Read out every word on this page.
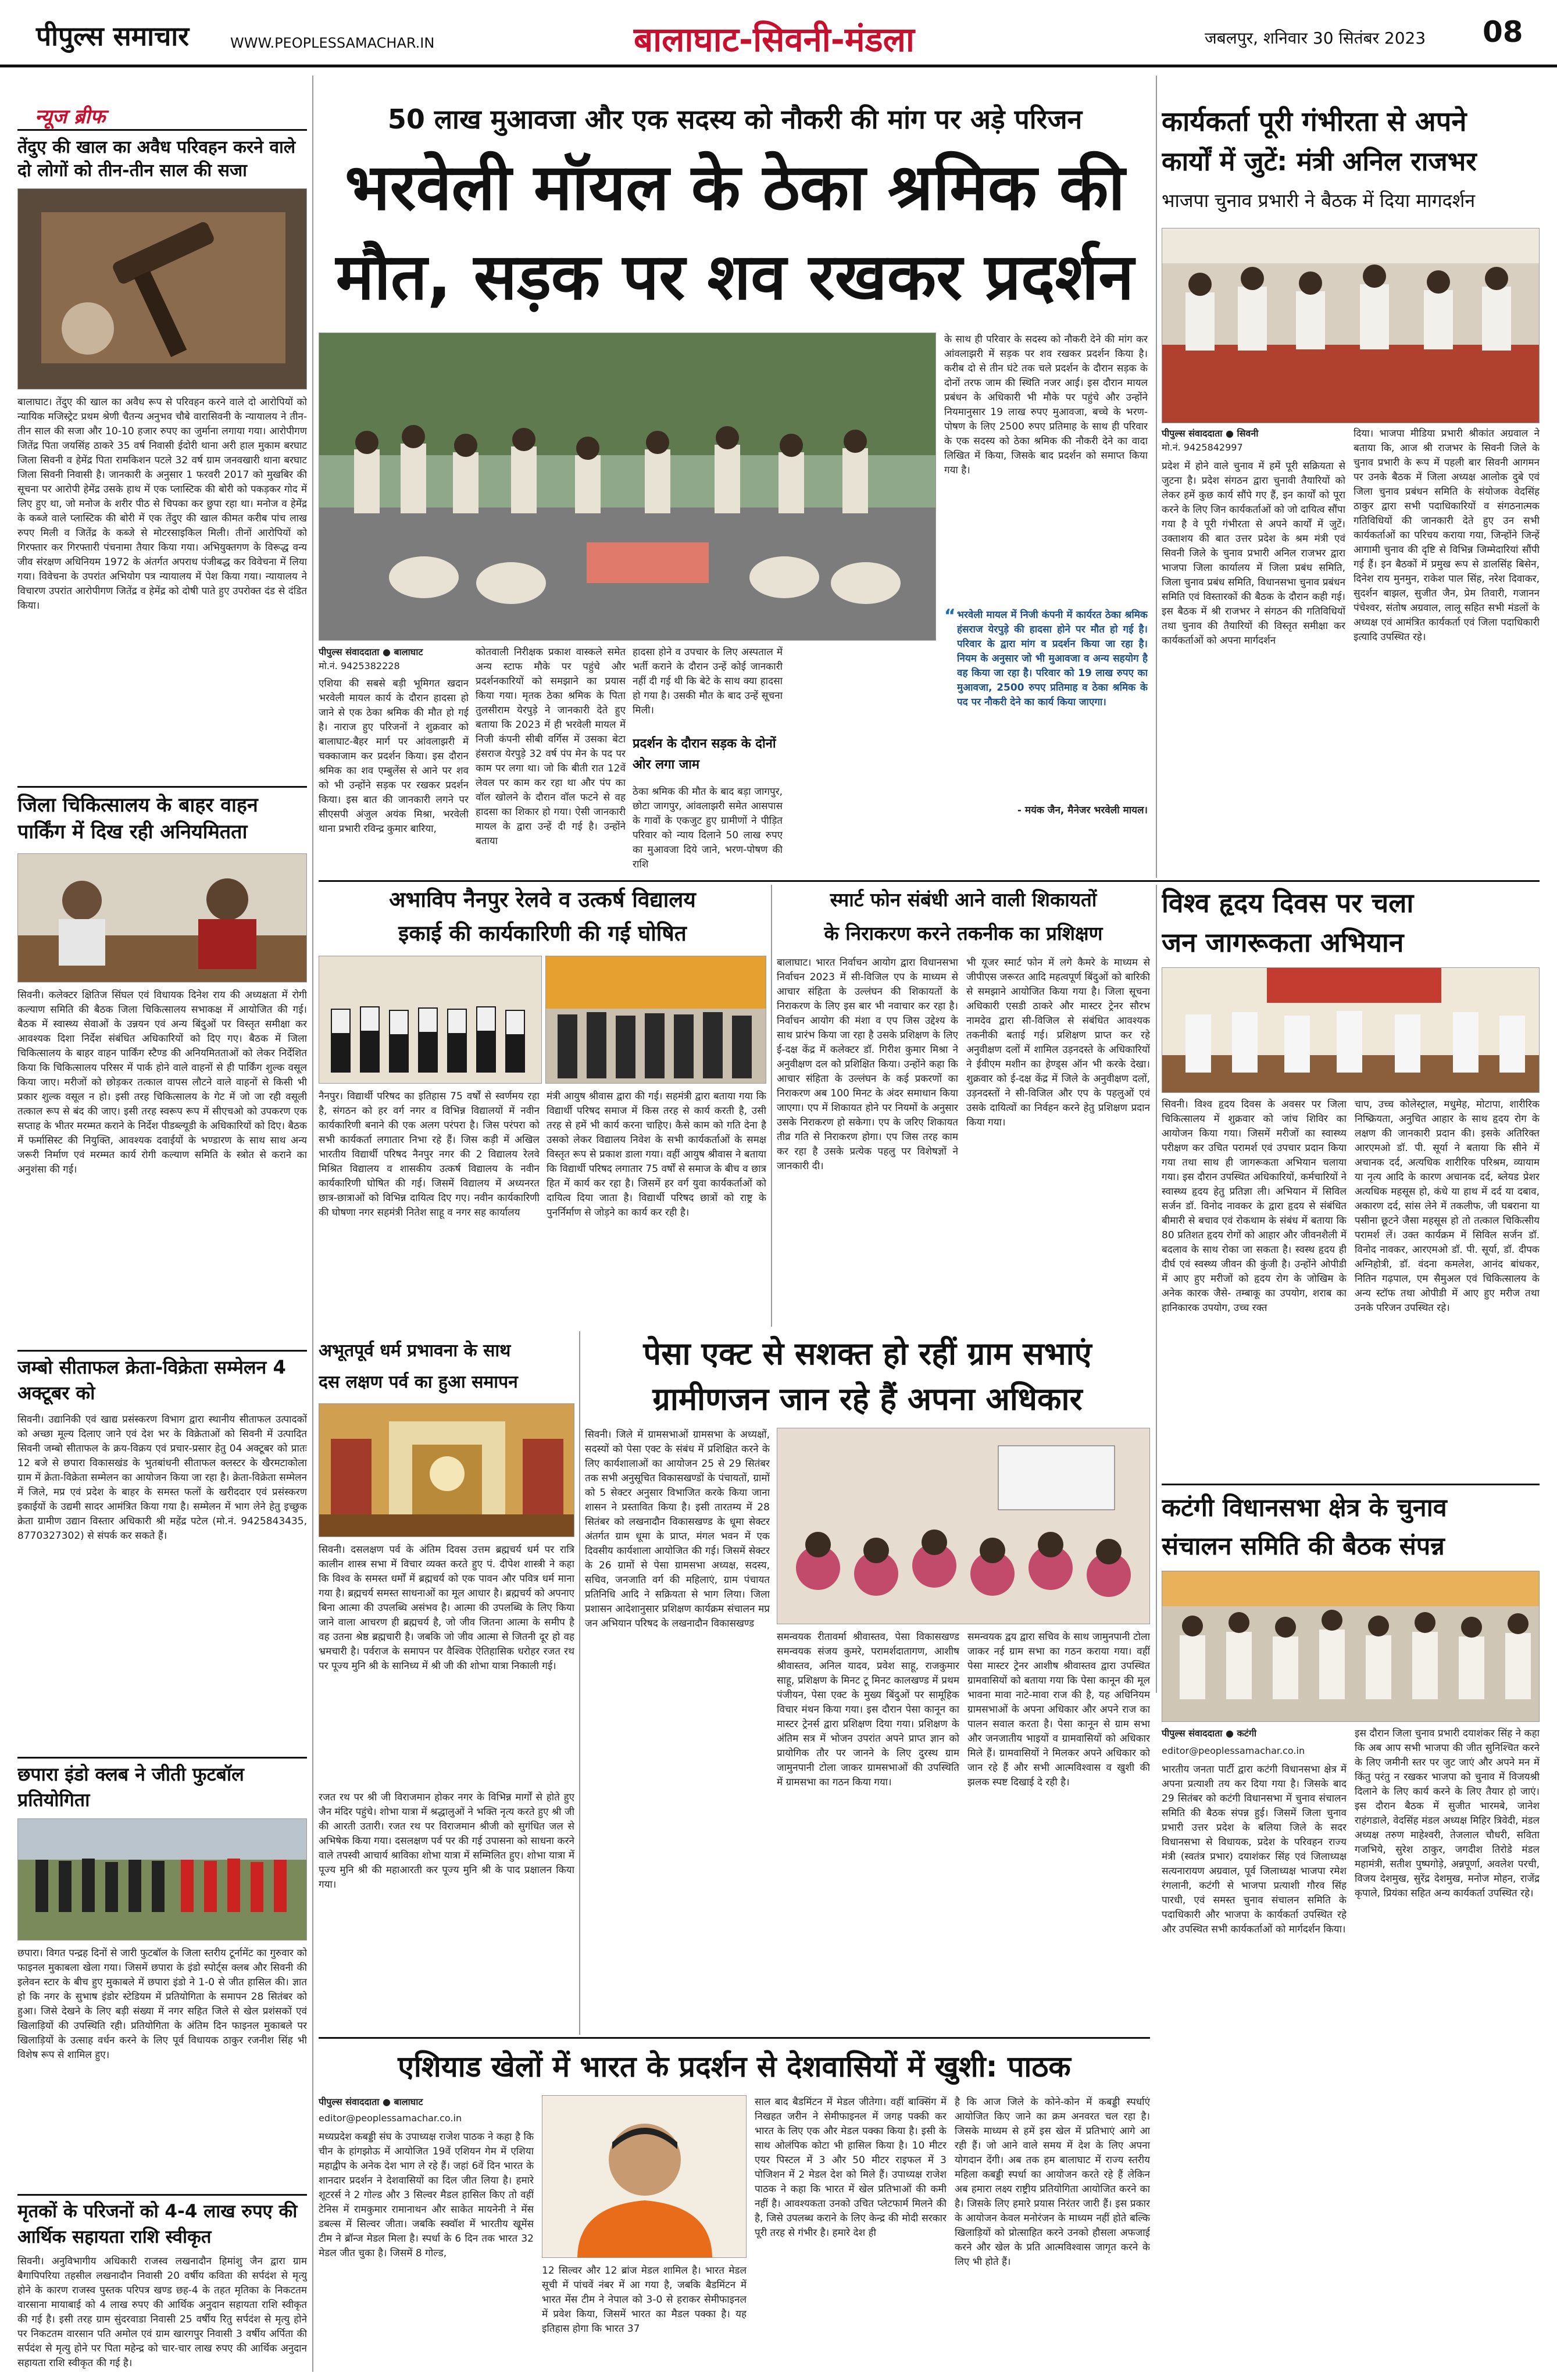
पीपुल्स समाचार	WWW.PEOPLESSAMACHAR.IN	बालाघाट-सिवनी-मंडला	जबलपुर, शनिवार 30 सितंबर 2023 08
न्यूज ब्रीफ
तेंदुए की खाल का अवैध परिवहन करने वाले दो लोगों को तीन-तीन साल की सजा
बालाघाट। तेंदुए की खाल का अवैध रूप से परिवहन करने वाले दो आरोपियों को न्यायिक मजिस्ट्रेट प्रथम श्रेणी चैतन्य अनुभव चौबे वारासिवनी के न्यायालय ने तीन-तीन साल की सजा और 10-10 हजार रुपए का जुर्माना लगाया गया। आरोपीगण जितेंद्र पिता जयसिंह ठाकरे 35 वर्ष निवासी ईदोरी थाना अरी हाल मुकाम बरघाट जिला सिवनी व हेमेंद्र पिता रामकिशन पटले 32 वर्ष ग्राम जनवखारी थाना बरघाट जिला सिवनी निवासी है। जानकारी के अनुसार 1 फरवरी 2017 को मुखबिर की सूचना पर आरोपी हेमेंद्र उसके हाथ में एक प्लास्टिक की बोरी को पकड़कर गोद में लिए हुए था, जो मनोज के शरीर पीठ से चिपका कर छुपा रहा था। मनोज व हेमेंद्र के कब्जे वाले प्लास्टिक की बोरी में एक तेंदुए की खाल कीमत करीब पांच लाख रुपए मिली व जितेंद्र के कब्जे से मोटरसाइकिल मिली। तीनों आरोपियों को गिरफ्तार कर गिरफ्तारी पंचनामा तैयार किया गया। अभियुक्तगण के विरूद्ध वन्य जीव संरक्षण अधिनियम 1972 के अंतर्गत अपराध पंजीबद्ध कर विवेचना में लिया गया। विवेचना के उपरांत अभियोग पत्र न्यायालय में पेश किया गया। न्यायालय ने विचारण उपरांत आरोपीगण जितेंद्र व हेमेंद्र को दोषी पाते हुए उपरोक्त दंड से दंडित किया।
जिला चिकित्सालय के बाहर वाहन पार्किंग में दिख रही अनियमितता
सिवनी। कलेक्टर क्षितिज सिंघल एवं विधायक दिनेश राय की अध्यक्षता में रोगी कल्याण समिति की बैठक जिला चिकित्सालय सभाकक्ष में आयोजित की गई। बैठक में स्वास्थ्य सेवाओं के उन्नयन एवं अन्य बिंदुओं पर विस्तृत समीक्षा कर आवश्यक दिशा निर्देश संबंधित अधिकारियों को दिए गए। बैठक में जिला चिकित्सालय के बाहर वाहन पार्किंग स्टैण्ड की अनियमितताओं को लेकर निर्देशित किया कि चिकित्सालय परिसर में पार्क होने वाले वाहनों से ही पार्किंग शुल्क वसूल किया जाए। मरीजों को छोड़कर तत्काल वापस लौटने वाले वाहनों से किसी भी प्रकार शुल्क वसूल न हो। इसी तरह चिकित्सालय के गेट में जो जा रही वसूली तत्काल रूप से बंद की जाए। इसी तरह स्वरूप रूप में सीएचओ को उपकरण एक सप्ताह के भीतर मरम्मत कराने के निर्देश पीडब्ल्यूडी के अधिकारियों को दिए। बैठक में फर्मासिस्ट की नियुक्ति, आवश्यक दवाईयों के भण्डारण के साथ साथ अन्य जरूरी निर्माण एवं मरम्मत कार्य रोगी कल्याण समिति के स्त्रोत से कराने का अनुशंसा की गई।
जम्बो सीताफल क्रेता-विक्रेता सम्मेलन 4 अक्टूबर को
सिवनी। उद्यानिकी एवं खाद्य प्रसंस्करण विभाग द्वारा स्थानीय सीताफल उत्पादकों को अच्छा मूल्य दिलाए जाने एवं देश भर के विक्रेताओं को सिवनी में उत्पादित सिवनी जम्बो सीताफल के क्रय-विक्रय एवं प्रचार-प्रसार हेतु 04 अक्टूबर को प्रातः 12 बजे से छपारा विकासखंड के भुतबांधनी सीताफल क्लस्टर के खैरमटाकोला ग्राम में क्रेता-विक्रेता सम्मेलन का आयोजन किया जा रहा है। क्रेता-विक्रेता सम्मेलन में जिले, मप्र एवं प्रदेश के बाहर के समस्त फलों के खरीददार एवं प्रसंस्करण इकाईयों के उद्यमी सादर आमंत्रित किया गया है। सम्मेलन में भाग लेने हेतु इच्छुक क्रेता ग्रामीण उद्यान विस्तार अधिकारी श्री महेंद्र पटेल (मो.नं. 9425843435, 8770327302) से संपर्क कर सकते हैं।
छपारा इंडो क्लब ने जीती फुटबॉल प्रतियोगिता
छपारा। विगत पन्द्रह दिनों से जारी फुटबॉल के जिला स्तरीय टूर्नामेंट का गुरुवार को फाइनल मुकाबला खेला गया। जिसमें छपारा के इंडो स्पोर्ट्स क्लब और सिवनी की इलेवन स्टार के बीच हुए मुकाबले में छपारा इंडो ने 1-0 से जीत हासिल की। ज्ञात हो कि नगर के सुभाष इंडोर स्टेडियम में प्रतियोगिता के समापन 28 सितंबर को हुआ। जिसे देखने के लिए बड़ी संख्या में नगर सहित जिले से खेल प्रशंसकों एवं खिलाड़ियों की उपस्थिति रही। प्रतियोगिता के अंतिम दिन फाइनल मुकाबले पर खिलाड़ियों के उत्साह वर्धन करने के लिए पूर्व विधायक ठाकुर रजनीश सिंह भी विशेष रूप से शामिल हुए।
मृतकों के परिजनों को 4-4 लाख रुपए की आर्थिक सहायता राशि स्वीकृत
सिवनी। अनुविभागीय अधिकारी राजस्व लखनादौन हिमांशु जैन द्वारा ग्राम बैगापिपरिया तहसील लखनादौन निवासी 20 वर्षीय कविता की सर्पदंश से मृत्यु होने के कारण राजस्व पुस्तक परिपत्र खण्ड छह-4 के तहत मृतिका के निकटतम वारसाना मायाबाई को 4 लाख रुपए की आर्थिक अनुदान सहायता राशि स्वीकृत की गई है। इसी तरह ग्राम सुंदरवाडा निवासी 25 वर्षीय रितु सर्पदंश से मृत्यु होने पर निकटतम वारसान पति अमोल एवं ग्राम खारगपुर निवासी 3 वर्षीय अर्पिता की सर्पदंश से मृत्यु होने पर पिता महेन्द्र को चार-चार लाख रुपए की आर्थिक अनुदान सहायता राशि स्वीकृत की गई है।
50 लाख मुआवजा और एक सदस्य को नौकरी की मांग पर अड़े परिजन
भरवेली मॉयल के ठेका श्रमिक की
मौत, सड़क पर शव रखकर प्रदर्शन
पीपुल्स संवाददाता ● बालाघाट
मो.नं. 9425382228
एशिया की सबसे बड़ी भूमिगत खदान भरवेली मायल कार्य के दौरान हादसा हो जाने से एक ठेका श्रमिक की मौत हो गई है। नाराज हुए परिजनों ने शुक्रवार को बालाघाट-बैहर मार्ग पर आंवलाझरी में चक्काजाम कर प्रदर्शन किया। इस दौरान श्रमिक का शव एम्बुलेंस से आने पर शव को भी उन्होंने सड़क पर रखकर प्रदर्शन किया। इस बात की जानकारी लगने पर सीएसपी अंजुल अयंक मिश्रा, भरवेली थाना प्रभारी रविन्द्र कुमार बारिया,
कोतवाली निरीक्षक प्रकाश वास्कले समेत अन्य स्टाफ मौके पर पहुंचे और प्रदर्शनकारियों को समझाने का प्रयास किया गया। मृतक ठेका श्रमिक के पिता तुलसीराम येरपुड़े ने जानकारी देते हुए बताया कि 2023 में ही भरवेली मायल में निजी कंपनी सीबी वर्गिस में उसका बेटा हंसराज येरपुड़े 32 वर्ष पंप मेन के पद पर काम पर लगा था। जो कि बीती रात 12वें लेवल पर काम कर रहा था और पंप का वॉल खोलने के दौरान वॉल फटने से वह हादसा का शिकार हो गया। ऐसी जानकारी मायल के द्वारा उन्हें दी गई है। उन्होंने बताया
हादसा होने व उपचार के लिए अस्पताल में भर्ती कराने के दौरान उन्हें कोई जानकारी नहीं दी गई थी कि बेटे के साथ क्या हादसा हो गया है। उसकी मौत के बाद उन्हें सूचना मिली।
प्रदर्शन के दौरान सड़क के दोनों ओर लगा जाम
ठेका श्रमिक की मौत के बाद बड़ा जागपुर, छोटा जागपुर, आंवलाझरी समेत आसपास के गावों के एकजुट हुए ग्रामीणों ने पीड़ित परिवार को न्याय दिलाने 50 लाख रुपए का मुआवजा दिये जाने, भरण-पोषण की राशि
के साथ ही परिवार के सदस्य को नौकरी देने की मांग कर आंवलाझरी में सड़क पर शव रखकर प्रदर्शन किया है। करीब दो से तीन घंटे तक चले प्रदर्शन के दौरान सड़क के दोनों तरफ जाम की स्थिति नजर आई। इस दौरान मायल प्रबंधन के अधिकारी भी मौके पर पहुंचे और उन्होंने नियमानुसार 19 लाख रुपए मुआवजा, बच्चे के भरण-पोषण के लिए 2500 रुपए प्रतिमाह के साथ ही परिवार के एक सदस्य को ठेका श्रमिक की नौकरी देने का वादा लिखित में किया, जिसके बाद प्रदर्शन को समाप्त किया गया है।
“ भरवेली मायल में निजी कंपनी में कार्यरत ठेका श्रमिक हंसराज येरपुड़े की हादसा होने पर मौत हो गई है। परिवार के द्वारा मांग व प्रदर्शन किया जा रहा है। नियम के अनुसार जो भी मुआवजा व अन्य सहयोग है वह किया जा रहा है। परिवार को 19 लाख रुपए का मुआवजा, 2500 रुपए प्रतिमाह व ठेका श्रमिक के पद पर नौकरी देने का कार्य किया जाएगा।
- मयंक जैन, मैनेजर भरवेली मायल।
कार्यकर्ता पूरी गंभीरता से अपने
कार्यों में जुटें: मंत्री अनिल राजभर
भाजपा चुनाव प्रभारी ने बैठक में दिया मागदर्शन
पीपुल्स संवाददाता ● सिवनी
मो.नं. 9425842997
प्रदेश में होने वाले चुनाव में हमें पूरी सक्रियता से जुटना है। प्रदेश संगठन द्वारा चुनावी तैयारियों को लेकर हमें कुछ कार्य सौंपे गए हैं, इन कार्यों को पूरा करने के लिए जिन कार्यकर्ताओं को जो दायित्व सौंपा गया है वे पूरी गंभीरता से अपने कार्यों में जुटें। उक्ताशय की बात उत्तर प्रदेश के श्रम मंत्री एवं सिवनी जिले के चुनाव प्रभारी अनिल राजभर द्वारा भाजपा जिला कार्यालय में जिला प्रबंध समिति, जिला चुनाव प्रबंध समिति, विधानसभा चुनाव प्रबंधन समिति एवं विस्तारकों की बैठक के दौरान कही गई। इस बैठक में श्री राजभर ने संगठन की गतिविधियों तथा चुनाव की तैयारियों की विस्तृत समीक्षा कर कार्यकर्ताओं को अपना मार्गदर्शन
दिया। भाजपा मीडिया प्रभारी श्रीकांत अग्रवाल ने बताया कि, आज श्री राजभर के सिवनी जिले के चुनाव प्रभारी के रूप में पहली बार सिवनी आगमन पर उनके बैठक में जिला अध्यक्ष आलोक दुबे एवं जिला चुनाव प्रबंधन समिति के संयोजक वेदसिंह ठाकुर द्वारा सभी पदाधिकारियों व संगठनात्मक गतिविधियों की जानकारी देते हुए उन सभी कार्यकर्ताओं का परिचय कराया गया, जिन्होंने जिन्हें आगामी चुनाव की दृष्टि से विभिन्न जिम्मेदारियां सौंपी गई हैं। इन बैठकों में प्रमुख रूप से डालसिंह बिसेन, दिनेश राय मुनमुन, राकेश पाल सिंह, नरेश दिवाकर, सुदर्शन बाझल, सुजीत जैन, प्रेम तिवारी, गजानन पंचेश्वर, संतोष अग्रवाल, लालू सहित सभी मंडलों के अध्यक्ष एवं आमंत्रित कार्यकर्ता एवं जिला पदाधिकारी इत्यादि उपस्थित रहे।
अभाविप नैनपुर रेलवे व उत्कर्ष विद्यालय
इकाई की कार्यकारिणी की गई घोषित
नैनपुर। विद्यार्थी परिषद का इतिहास 75 वर्षों से स्वर्णमय रहा है, संगठन को हर वर्ग नगर व विभिन्न विद्यालयों में नवीन कार्यकारिणी बनाने की एक अलग परंपरा है। जिस परंपरा को सभी कार्यकर्ता लगातार निभा रहे हैं। जिस कड़ी में अखिल भारतीय विद्यार्थी परिषद नैनपुर नगर की 2 विद्यालय रेलवे मिश्रित विद्यालय व शासकीय उत्कर्ष विद्यालय के नवीन कार्यकारिणी घोषित की गई। जिसमें विद्यालय में अध्यनरत छात्र-छात्राओं को विभिन्न दायित्व दिए गए। नवीन कार्यकारिणी की घोषणा नगर सहमंत्री नितेश साहू व नगर सह कार्यालय
मंत्री आयुष श्रीवास द्वारा की गई। सहमंत्री द्वारा बताया गया कि विद्यार्थी परिषद समाज में किस तरह से कार्य करती है, उसी तरह से हमें भी कार्य करना चाहिए। कैसे काम को गति देना है उसको लेकर विद्यालय निवेश के सभी कार्यकर्ताओं के समक्ष विस्तृत रूप से प्रकाश डाला गया। वहीं आयुष श्रीवास ने बताया कि विद्यार्थी परिषद लगातार 75 वर्षों से समाज के बीच व छात्र हित में कार्य कर रहा है। जिसमें हर वर्ग युवा कार्यकर्ताओं को दायित्व दिया जाता है। विद्यार्थी परिषद छात्रों को राष्ट्र के पुनर्निर्माण से जोड़ने का कार्य कर रही है।
स्मार्ट फोन संबंधी आने वाली शिकायतों
के निराकरण करने तकनीक का प्रशिक्षण
बालाघाट। भारत निर्वाचन आयोग द्वारा विधानसभा निर्वाचन 2023 में सी-विजिल एप के माध्यम से आचार संहिता के उल्लंघन की शिकायतों के निराकरण के लिए इस बार भी नवाचार कर रहा है। निर्वाचन आयोग की मंशा व एप जिस उद्देश्य के साथ प्रारंभ किया जा रहा है उसके प्रशिक्षण के लिए ई-दक्ष केंद्र में कलेक्टर डॉ. गिरीश कुमार मिश्रा ने अनुवीक्षण दल को प्रशिक्षित किया। उन्होंने कहा कि आचार संहिता के उल्लंघन के कई प्रकरणों का निराकरण अब 100 मिनट के अंदर समाधान किया जाएगा। एप में शिकायत होने पर नियमों के अनुसार उसके निराकरण हो सकेगा। एप के जरिए शिकायत तीव्र गति से निराकरण होगा। एप जिस तरह काम कर रहा है उसके प्रत्येक पहलु पर विशेषज्ञों ने जानकारी दी।
भी यूजर स्मार्ट फोन में लगे कैमरे के माध्यम से जीपीएस जरूरत आदि महत्वपूर्ण बिंदुओं को बारिकी से समझाने आयोजित किया गया है। जिला सूचना अधिकारी एसडी ठाकरे और मास्टर ट्रेनर सौरभ नामदेव द्वारा सी-विजिल से संबंधित आवश्यक तकनीकी बताई गई। प्रशिक्षण प्राप्त कर रहे अनुवीक्षण दलों में शामिल उड़नदस्ते के अधिकारियों ने ईवीएम मशीन का हेण्ड्स ऑन भी करके देखा। शुक्रवार को ई-दक्ष केंद्र में जिले के अनुवीक्षण दलों, उड़नदस्तों ने सी-विजिल और एप के पहलुओं एवं उसके दायित्वों का निर्वहन करने हेतु प्रशिक्षण प्रदान किया गया।
विश्व हृदय दिवस पर चला
जन जागरूकता अभियान
सिवनी। विश्व हृदय दिवस के अवसर पर जिला चिकित्सालय में शुक्रवार को जांच शिविर का आयोजन किया गया। जिसमें मरीजों का स्वास्थ्य परीक्षण कर उचित परामर्श एवं उपचार प्रदान किया गया तथा साथ ही जागरूकता अभियान चलाया गया। इस दौरान उपस्थित अधिकारियों, कर्मचारियों ने स्वास्थ्य हृदय हेतु प्रतिज्ञा ली। अभियान में सिविल सर्जन डॉ. विनोद नावकर के द्वारा हृदय से संबंधित बीमारी से बचाव एवं रोकथाम के संबंध में बताया कि 80 प्रतिशत हृदय रोगों को आहार और जीवनशैली में बदलाव के साथ रोका जा सकता है। स्वस्थ हृदय ही दीर्घ एवं स्वस्थ्य जीवन की कुंजी है। उन्होंने ओपीडी में आए हुए मरीजों को हृदय रोग के जोखिम के अनेक कारक जैसे- तम्बाकू का उपयोग, शराब का हानिकारक उपयोग, उच्च रक्त
चाप, उच्च कोलेस्ट्राल, मधुमेह, मोटापा, शारीरिक निष्क्रियता, अनुचित आहार के साथ हृदय रोग के लक्षण की जानकारी प्रदान की। इसके अतिरिक्त आरएमओ डॉ. पी. सूर्या ने बताया कि सीने में अचानक दर्द, अत्यधिक शारीरिक परिश्रम, व्यायाम या नृत्य आदि के कारण अचानक दर्द, ब्लेयड प्रेशर अत्यधिक महसूस हो, कंधे या हाथ में दर्द या दबाव, अकारण दर्द, सांस लेने में तकलीफ, जी घबराना या पसीना छूटने जैसा महसूस हो तो तत्काल चिकित्सीय परामर्श लें। उक्त कार्यक्रम में सिविल सर्जन डॉ. विनोद नावकर, आरएमओ डॉ. पी. सूर्या, डॉ. दीपक अग्निहोत्री, डॉ. वंदना कमलेश, आनंद बांधकर, नितिन गढ़पाल, एम सैमुअल एवं चिकित्सालय के अन्य स्टॉफ तथा ओपीडी में आए हुए मरीज तथा उनके परिजन उपस्थित रहे।
अभूतपूर्व धर्म प्रभावना के साथ
दस लक्षण पर्व का हुआ समापन
सिवनी। दसलक्षण पर्व के अंतिम दिवस उत्तम ब्रह्मचर्य धर्म पर रात्रि कालीन शास्त्र सभा में विचार व्यक्त करते हुए पं. दीपेश शास्त्री ने कहा कि विश्व के समस्त धर्मों में ब्रह्मचर्य को एक पावन और पवित्र धर्म माना गया है। ब्रह्मचर्य समस्त साधनाओं का मूल आधार है। ब्रह्मचर्य को अपनाए बिना आत्मा की उपलब्धि असंभव है। आत्मा की उपलब्धि के लिए किया जाने वाला आचरण ही ब्रह्मचर्य है, जो जीव जितना आत्मा के समीप है वह उतना श्रेष्ठ ब्रह्मचारी है। जबकि जो जीव आत्मा से जितनी दूर हो वह भ्रमचारी है। पर्वराज के समापन पर वैश्विक ऐतिहासिक धरोहर रजत रथ पर पूज्य मुनि श्री के सानिध्य में श्री जी की शोभा यात्रा निकाली गई।
रजत रथ पर श्री जी विराजमान होकर नगर के विभिन्न मार्गों से होते हुए जैन मंदिर पहुंचे। शोभा यात्रा में श्रद्धालुओं ने भक्ति नृत्य करते हुए श्री जी की आरती उतारी। रजत रथ पर विराजमान श्रीजी को सुगंधित जल से अभिषेक किया गया। दसलक्षण पर्व पर की गई उपासना को साधना करने वाले तपस्वी आचार्य श्राविका शोभा यात्रा में सम्मिलित हुए। शोभा यात्रा में पूज्य मुनि श्री की महाआरती कर पूज्य मुनि श्री के पाद प्रक्षालन किया गया।
पेसा एक्ट से सशक्त हो रहीं ग्राम सभाएं
ग्रामीणजन जान रहे हैं अपना अधिकार
सिवनी। जिले में ग्रामसभाओं ग्रामसभा के अध्यक्षों, सदस्यों को पेसा एक्ट के संबंध में प्रशिक्षित करने के लिए कार्यशालाओं का आयोजन 25 से 29 सितंबर तक सभी अनुसूचित विकासखण्डों के पंचायतों, ग्रामों को 5 सेक्टर अनुसार विभाजित करके किया जाना शासन ने प्रस्तावित किया है। इसी तारतम्य में 28 सितंबर को लखनादौन विकासखण्ड के धूमा सेक्टर अंतर्गत ग्राम धूमा के प्राप्त, मंगल भवन में एक दिवसीय कार्यशाला आयोजित की गई। जिसमें सेक्टर के 26 ग्रामों से पेसा ग्रामसभा अध्यक्ष, सदस्य, सचिव, जनजाति वर्ग की महिलाएं, ग्राम पंचायत प्रतिनिधि आदि ने सक्रियता से भाग लिया। जिला प्रशासन आदेशानुसार प्रशिक्षण कार्यक्रम संचालन मप्र जन अभियान परिषद के लखनादौन विकासखण्ड
समन्वयक रीतावर्मा श्रीवास्तव, पेसा विकासखण्ड समन्वयक संजय कुमरे, परामर्शदातागण, आशीष श्रीवास्तव, अनिल यादव, प्रवेश साहू, राजकुमार साहू, प्रशिक्षण के मिनट टू मिनट कालखण्ड में प्रथम पंजीयन, पेसा एक्ट के मुख्य बिंदुओं पर सामूहिक विचार मंथन किया गया। इस दौरान पेसा कानून का मास्टर ट्रेनर्स द्वारा प्रशिक्षण दिया गया। प्रशिक्षण के अंतिम सत्र में भोजन उपरांत अपने प्राप्त ज्ञान को प्रायोगिक तौर पर जानने के लिए दुरस्थ ग्राम जामुनपानी टोला जाकर ग्रामसभाओं की उपस्थिति में ग्रामसभा का गठन किया गया।
समन्वयक द्वय द्वारा सचिव के साथ जामुनपानी टोला जाकर नई ग्राम सभा का गठन कराया गया। वहीं पेसा मास्टर ट्रेनर आशीष श्रीवास्तव द्वारा उपस्थित ग्रामवासियों को बताया गया कि पेसा कानून की मूल भावना मावा नाटे-मावा राज की है, यह अधिनियम ग्रामसभाओं के अपना अधिकार और अपने राज का पालन सवाल करता है। पेसा कानून से ग्राम सभा और जनजातीय भाइयों व ग्रामवासियों को अधिकार मिले हैं। ग्रामवासियों ने मिलकर अपने अधिकार को जान रहे हैं और सभी आत्मविश्वास व खुशी की झलक स्पष्ट दिखाई दे रही है।
कटंगी विधानसभा क्षेत्र के चुनाव
संचालन समिति की बैठक संपन्न
पीपुल्स संवाददाता ● कटंगी
editor@peoplessamachar.co.in
भारतीय जनता पार्टी द्वारा कटंगी विधानसभा क्षेत्र में अपना प्रत्याशी तय कर दिया गया है। जिसके बाद 29 सितंबर को कटंगी विधानसभा में चुनाव संचालन समिति की बैठक संपन्न हुई। जिसमें जिला चुनाव प्रभारी उत्तर प्रदेश के बलिया जिले के सदर विधानसभा से विधायक, प्रदेश के परिवहन राज्य मंत्री (स्वतंत्र प्रभार) दयाशंकर सिंह एवं जिलाध्यक्ष सत्यनारायण अग्रवाल, पूर्व जिलाध्यक्ष भाजपा रमेश रंगलानी, कटंगी से भाजपा प्रत्याशी गौरव सिंह पारधी, एवं समस्त चुनाव संचालन समिति के पदाधिकारी और भाजपा के कार्यकर्ता उपस्थित रहे और उपस्थित सभी कार्यकर्ताओं को मार्गदर्शन किया।
इस दौरान जिला चुनाव प्रभारी दयाशंकर सिंह ने कहा कि अब आप सभी भाजपा की जीत सुनिश्चित करने के लिए जमीनी स्तर पर जुट जाएं और अपने मन में किंतु परंतु न रखकर भाजपा को चुनाव में विजयश्री दिलाने के लिए कार्य करने के लिए तैयार हो जाएं। इस दौरान बैठक में सुजीत भारमबे, जानेश राहंगडाले, वेदसिंह मंडल अध्यक्ष मिहिर त्रिवेदी, मंडल अध्यक्ष तरुण माहेश्वरी, तेजलाल चौधरी, सविता गजभिये, सुरेश ठाकुर, जगदीश तिरोडे मंडल महामंत्री, सतीश पुष्पगोड़े, अन्नपूर्णा, अवलेश परची, विजय देशमुख, सुरेंद्र देशमुख, मनोज मोहन, राजेंद्र कृपाले, प्रियंका सहित अन्य कार्यकर्ता उपस्थित रहे।
एशियाड खेलों में भारत के प्रदर्शन से देशवासियों में खुशी: पाठक
पीपुल्स संवाददाता ● बालाघाट
editor@peoplessamachar.co.in
मध्यप्रदेश कबड्डी संघ के उपाध्यक्ष राजेश पाठक ने कहा है कि चीन के हांगझोऊ में आयोजित 19वें एशियन गेम में एशिया महाद्वीप के अनेक देश भाग ले रहे हैं। जहां 6वें दिन भारत के शानदार प्रदर्शन ने देशवासियों का दिल जीत लिया है। हमारे शूटरर्स ने 2 गोल्ड और 3 सिल्वर मैडल हासिल किए तो वहीं टेनिस में रामकुमार रामानाथन और साकेत मायनेनी ने मेंस डबल्स में सिल्वर जीता। जबकि स्क्वॉश में भारतीय खूमेंस टीम ने ब्रॉन्ज मेडल मिला है। स्पर्धा के 6 दिन तक भारत 32 मेडल जीत चुका है। जिसमें 8 गोल्ड,
12 सिल्वर और 12 ब्रांज मेडल शामिल है। भारत मेडल सूची में पांचवें नंबर में आ गया है, जबकि बैडमिंटन में भारत मेंस टीम ने नेपाल को 3-0 से हराकर सेमीफाइनल में प्रवेश किया, जिसमें भारत का मैडल पक्का है। यह इतिहास होगा कि भारत 37
साल बाद बैडमिंटन में मेडल जीतेगा। वहीं बाक्सिंग में निखहत जरीन ने सेमीफाइनल में जगह पक्की कर भारत के लिए एक और मेडल पक्का किया है। इसी के साथ ओलंपिक कोटा भी हासिल किया है। 10 मीटर एयर पिस्टल में 3 और 50 मीटर राइफल में 3 पोजिशन में 2 मेडल देश को मिले हैं। उपाध्यक्ष राजेश पाठक ने कहा कि भारत में खेल प्रतिभाओं की कमी नहीं है। आवश्यकता उनको उचित प्लेटफार्म मिलने की है, जिसे उपलब्ध कराने के लिए केन्द्र की मोदी सरकार पूरी तरह से गंभीर है। हमारे देश ही
है कि आज जिले के कोने-कोन में कबड्डी स्पर्धाएं आयोजित किए जाने का क्रम अनवरत चल रहा है। जिसके माध्यम से हमें इस खेल में प्रतिभाएं आगे आ रही हैं। जो आने वाले समय में देश के लिए अपना योगदान देंगी। अब तक हम बालाघाट में राज्य स्तरीय महिला कबड्डी स्पर्धा का आयोजन करते रहे हैं लेकिन अब हमारा लक्ष्य राष्ट्रीय प्रतियोगिता आयोजित करने का है। जिसके लिए हमारे प्रयास निरंतर जारी हैं। इस प्रकार के आयोजन केवल मनोरंजन के माध्यम नहीं होते बल्कि खिलाड़ियों को प्रोत्साहित करने उनको हौसला अफजाई करने और खेल के प्रति आत्मविश्वास जागृत करने के लिए भी होते हैं।
